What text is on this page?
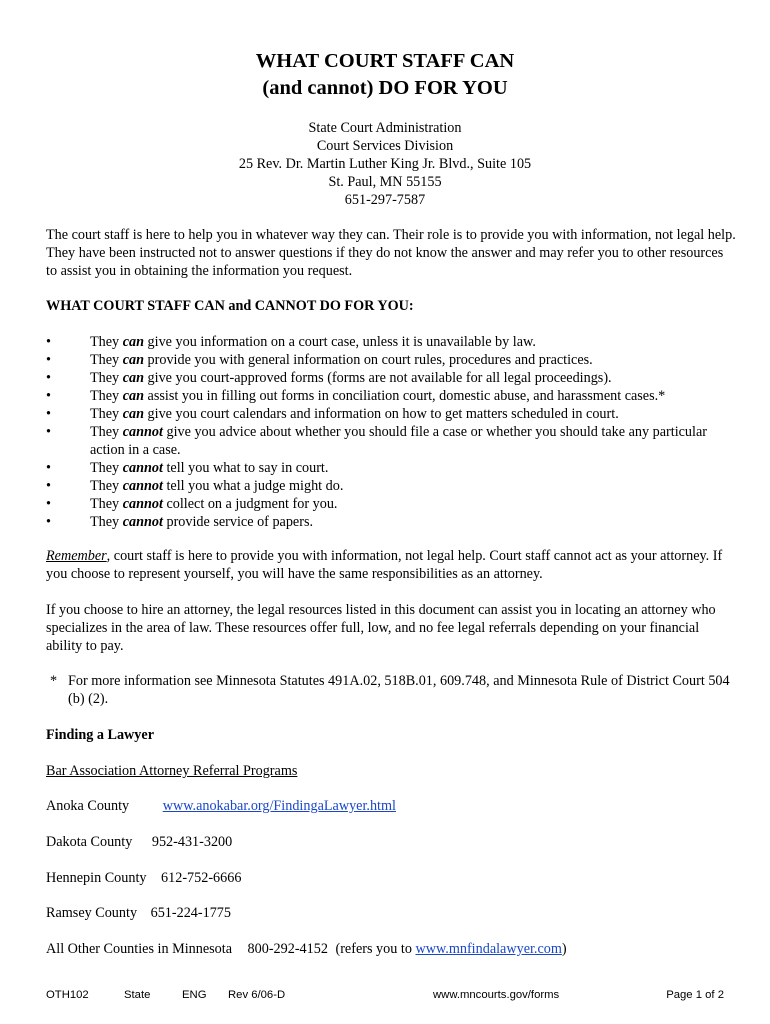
WHAT COURT STAFF CAN
(and cannot) DO FOR YOU
State Court Administration
Court Services Division
25 Rev. Dr. Martin Luther King Jr. Blvd., Suite 105
St. Paul, MN 55155
651-297-7587
The court staff is here to help you in whatever way they can. Their role is to provide you with information, not legal help. They have been instructed not to answer questions if they do not know the answer and may refer you to other resources to assist you in obtaining the information you request.
WHAT COURT STAFF CAN and CANNOT DO FOR YOU:
•	They can give you information on a court case, unless it is unavailable by law.
•	They can provide you with general information on court rules, procedures and practices.
•	They can give you court-approved forms (forms are not available for all legal proceedings).
•	They can assist you in filling out forms in conciliation court, domestic abuse, and harassment cases.*
•	They can give you court calendars and information on how to get matters scheduled in court.
•	They cannot give you advice about whether you should file a case or whether you should take any particular action in a case.
•	They cannot tell you what to say in court.
•	They cannot tell you what a judge might do.
•	They cannot collect on a judgment for you.
•	They cannot provide service of papers.
Remember, court staff is here to provide you with information, not legal help. Court staff cannot act as your attorney. If you choose to represent yourself, you will have the same responsibilities as an attorney.
If you choose to hire an attorney, the legal resources listed in this document can assist you in locating an attorney who specializes in the area of law. These resources offer full, low, and no fee legal referrals depending on your financial ability to pay.
* For more information see Minnesota Statutes 491A.02, 518B.01, 609.748, and Minnesota Rule of District Court 504 (b) (2).
Finding a Lawyer
Bar Association Attorney Referral Programs
Anoka County www.anokabar.org/FindingaLawyer.html
Dakota County 952-431-3200
Hennepin County 612-752-6666
Ramsey County 651-224-1775
All Other Counties in Minnesota 800-292-4152 (refers you to www.mnfindalawyer.com)
OTH102	State	ENG Rev 6/06-D	www.mncourts.gov/forms	Page 1 of 2
